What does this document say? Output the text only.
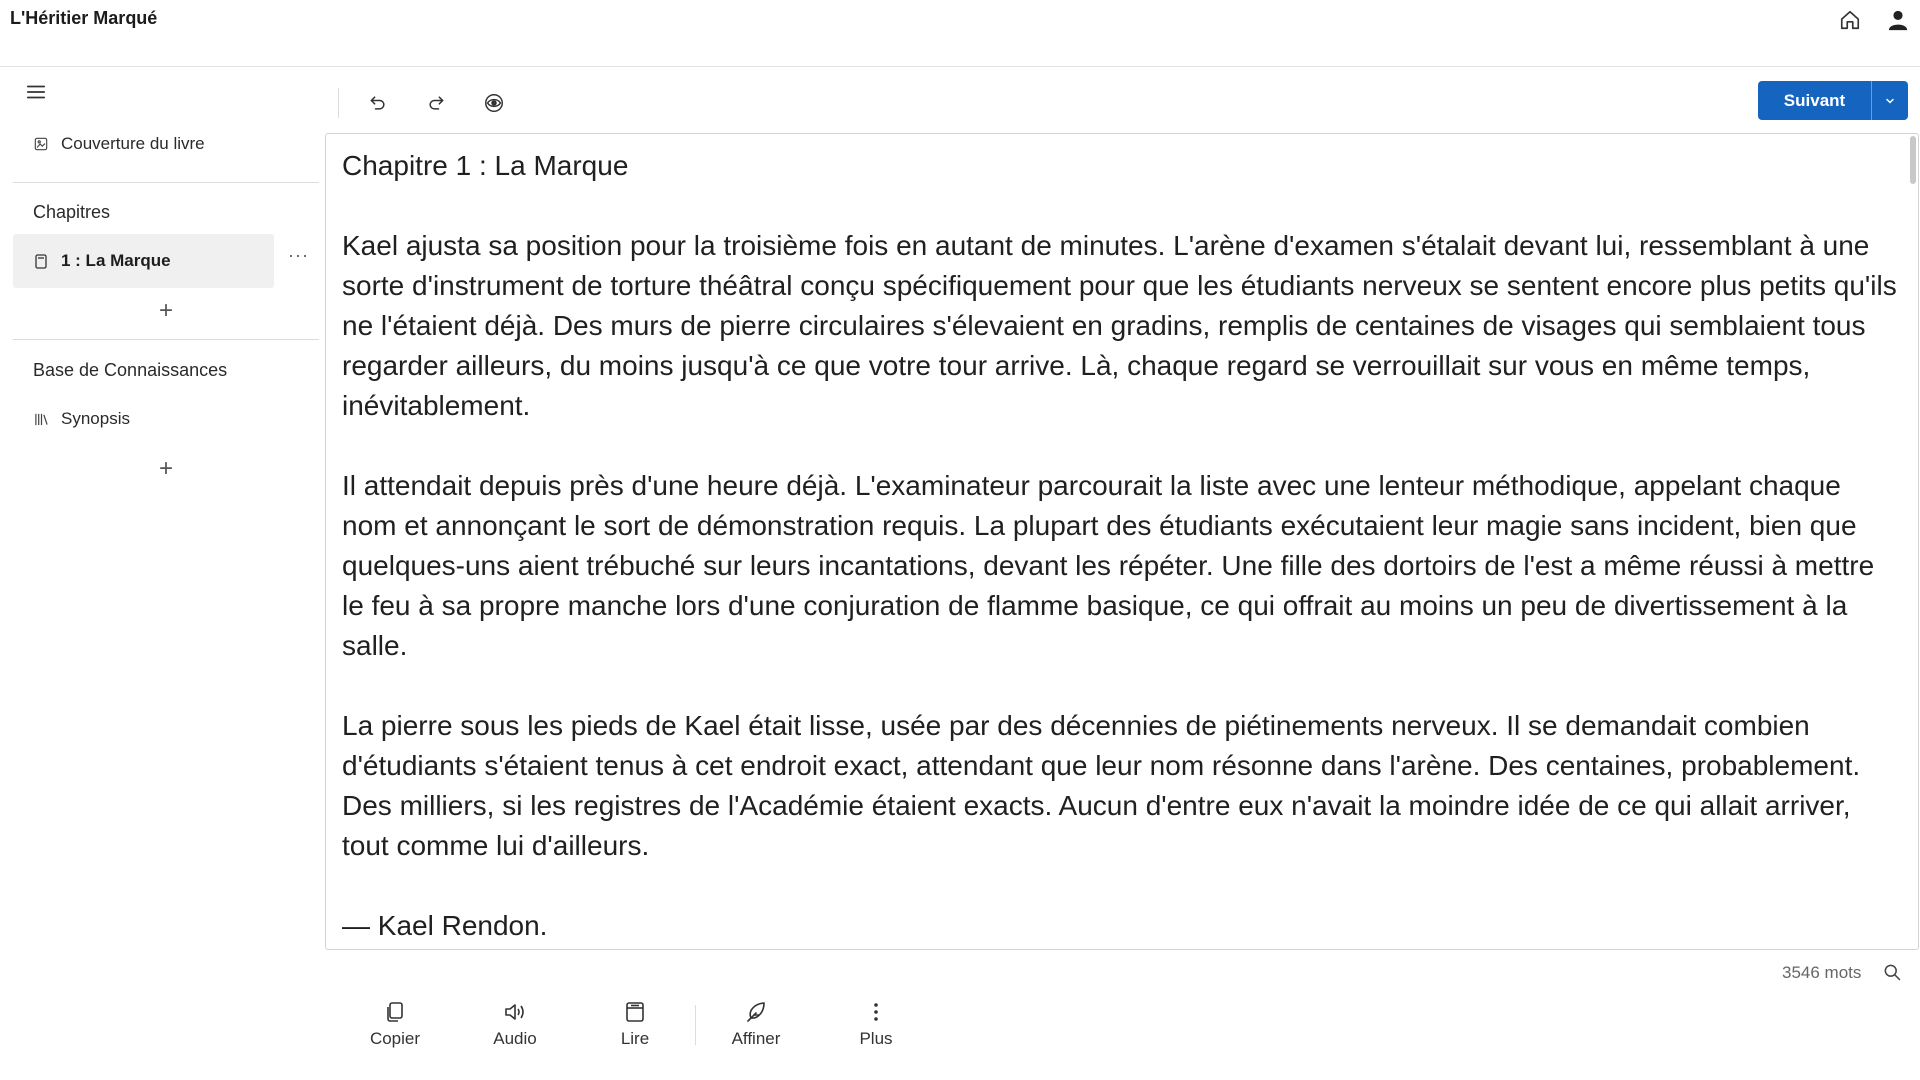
L'Héritier Marqué
Couverture du livre
Chapitres
1 : La Marque	···
+
Base de Connaissances
Synopsis
+
Suivant
Chapitre 1 : La Marque

Kael ajusta sa position pour la troisième fois en autant de minutes. L'arène d'examen s'étalait devant lui, ressemblant à une sorte d'instrument de torture théâtral conçu spécifiquement pour que les étudiants nerveux se sentent encore plus petits qu'ils ne l'étaient déjà. Des murs de pierre circulaires s'élevaient en gradins, remplis de centaines de visages qui semblaient tous regarder ailleurs, du moins jusqu'à ce que votre tour arrive. Là, chaque regard se verrouillait sur vous en même temps, inévitablement.

Il attendait depuis près d'une heure déjà. L'examinateur parcourait la liste avec une lenteur méthodique, appelant chaque nom et annonçant le sort de démonstration requis. La plupart des étudiants exécutaient leur magie sans incident, bien que quelques-uns aient trébuché sur leurs incantations, devant les répéter. Une fille des dortoirs de l'est a même réussi à mettre le feu à sa propre manche lors d'une conjuration de flamme basique, ce qui offrait au moins un peu de divertissement à la salle.

La pierre sous les pieds de Kael était lisse, usée par des décennies de piétinements nerveux. Il se demandait combien d'étudiants s'étaient tenus à cet endroit exact, attendant que leur nom résonne dans l'arène. Des centaines, probablement. Des milliers, si les registres de l'Académie étaient exacts. Aucun d'entre eux n'avait la moindre idée de ce qui allait arriver, tout comme lui d'ailleurs.

— Kael Rendon.

3546 mots
Copier	Audio	Lire	Affiner	Plus
